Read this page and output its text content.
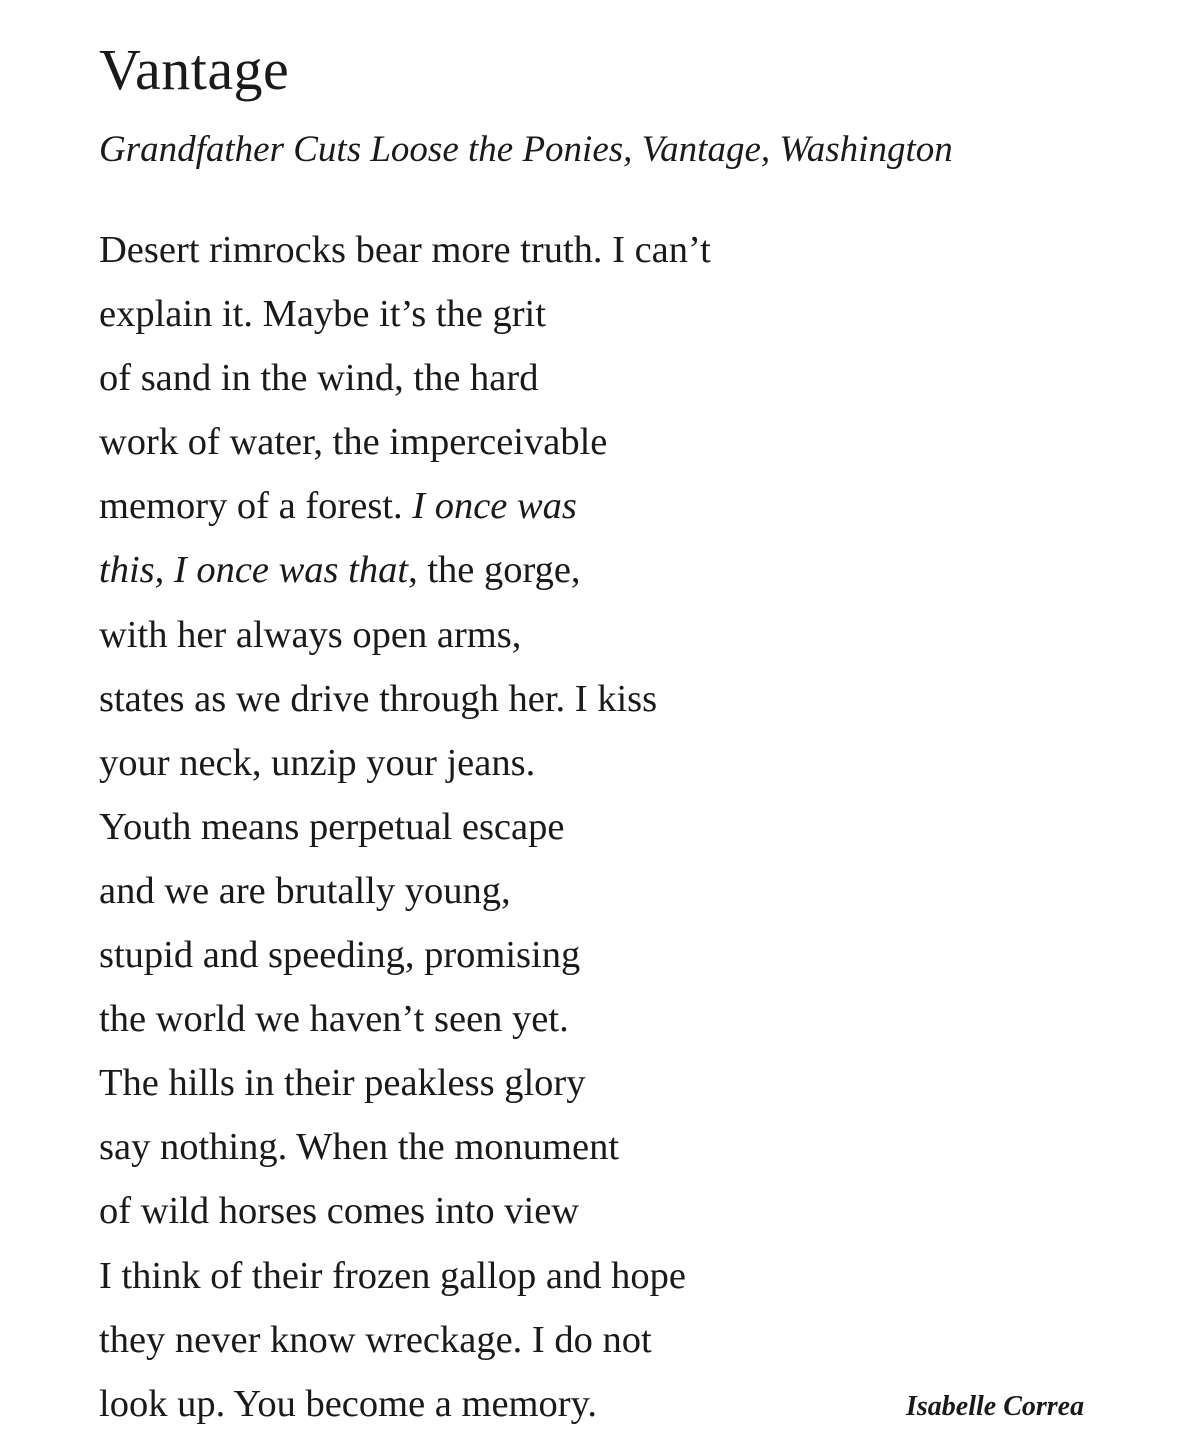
Vantage

Grandfather Cuts Loose the Ponies, Vantage, Washington

Desert rimrocks bear more truth. I can’t
explain it. Maybe it’s the grit
of sand in the wind, the hard
work of water, the imperceivable
memory of a forest. I once was
this, I once was that, the gorge,
with her always open arms,
states as we drive through her. I kiss
your neck, unzip your jeans.
Youth means perpetual escape
and we are brutally young,
stupid and speeding, promising
the world we haven’t seen yet.
The hills in their peakless glory
say nothing. When the monument
of wild horses comes into view
I think of their frozen gallop and hope
they never know wreckage. I do not
look up. You become a memory.	Isabelle Correa
